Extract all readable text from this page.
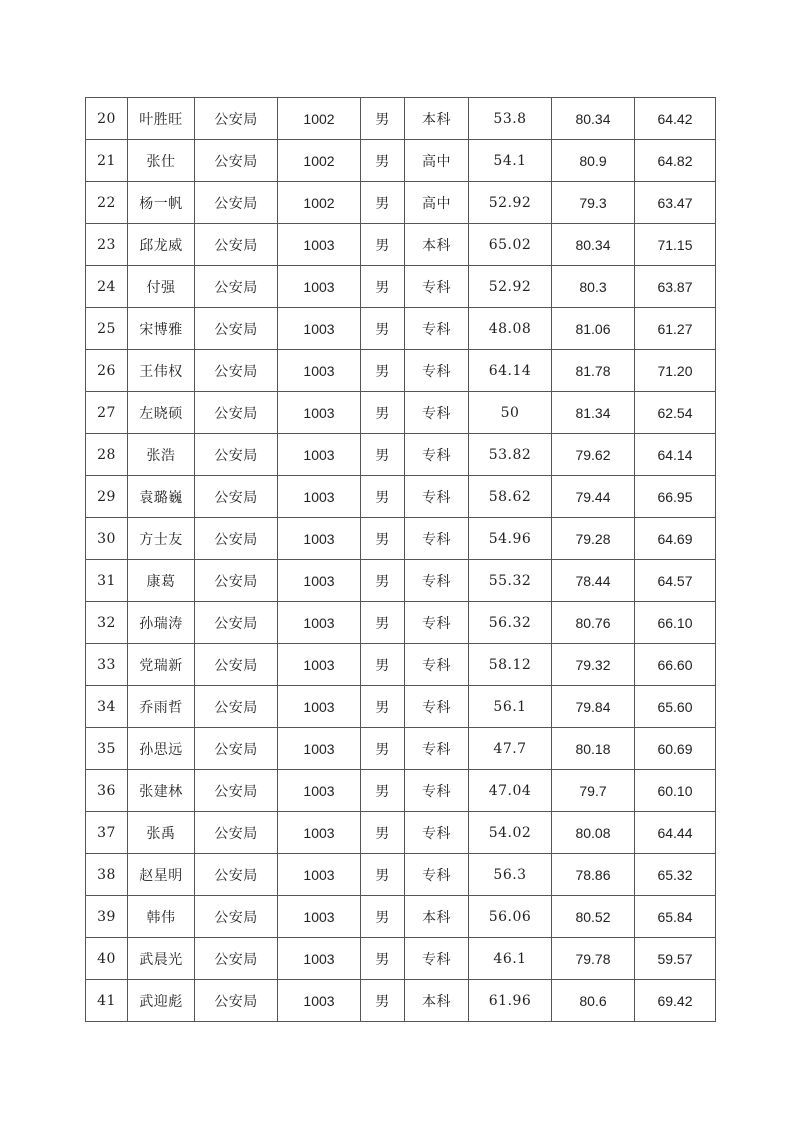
20	叶胜旺	公安局	1002	男	本科	53.8	80.34	64.42
21	张仕	公安局	1002	男	高中	54.1	80.9	64.82
22	杨一帆	公安局	1002	男	高中	52.92	79.3	63.47
23	邱龙威	公安局	1003	男	本科	65.02	80.34	71.15
24	付强	公安局	1003	男	专科	52.92	80.3	63.87
25	宋博雅	公安局	1003	男	专科	48.08	81.06	61.27
26	王伟权	公安局	1003	男	专科	64.14	81.78	71.20
27	左晓硕	公安局	1003	男	专科	50	81.34	62.54
28	张浩	公安局	1003	男	专科	53.82	79.62	64.14
29	袁璐巍	公安局	1003	男	专科	58.62	79.44	66.95
30	方士友	公安局	1003	男	专科	54.96	79.28	64.69
31	康葛	公安局	1003	男	专科	55.32	78.44	64.57
32	孙瑞涛	公安局	1003	男	专科	56.32	80.76	66.10
33	党瑞新	公安局	1003	男	专科	58.12	79.32	66.60
34	乔雨哲	公安局	1003	男	专科	56.1	79.84	65.60
35	孙思远	公安局	1003	男	专科	47.7	80.18	60.69
36	张建林	公安局	1003	男	专科	47.04	79.7	60.10
37	张禹	公安局	1003	男	专科	54.02	80.08	64.44
38	赵星明	公安局	1003	男	专科	56.3	78.86	65.32
39	韩伟	公安局	1003	男	本科	56.06	80.52	65.84
40	武晨光	公安局	1003	男	专科	46.1	79.78	59.57
41	武迎彪	公安局	1003	男	本科	61.96	80.6	69.42
